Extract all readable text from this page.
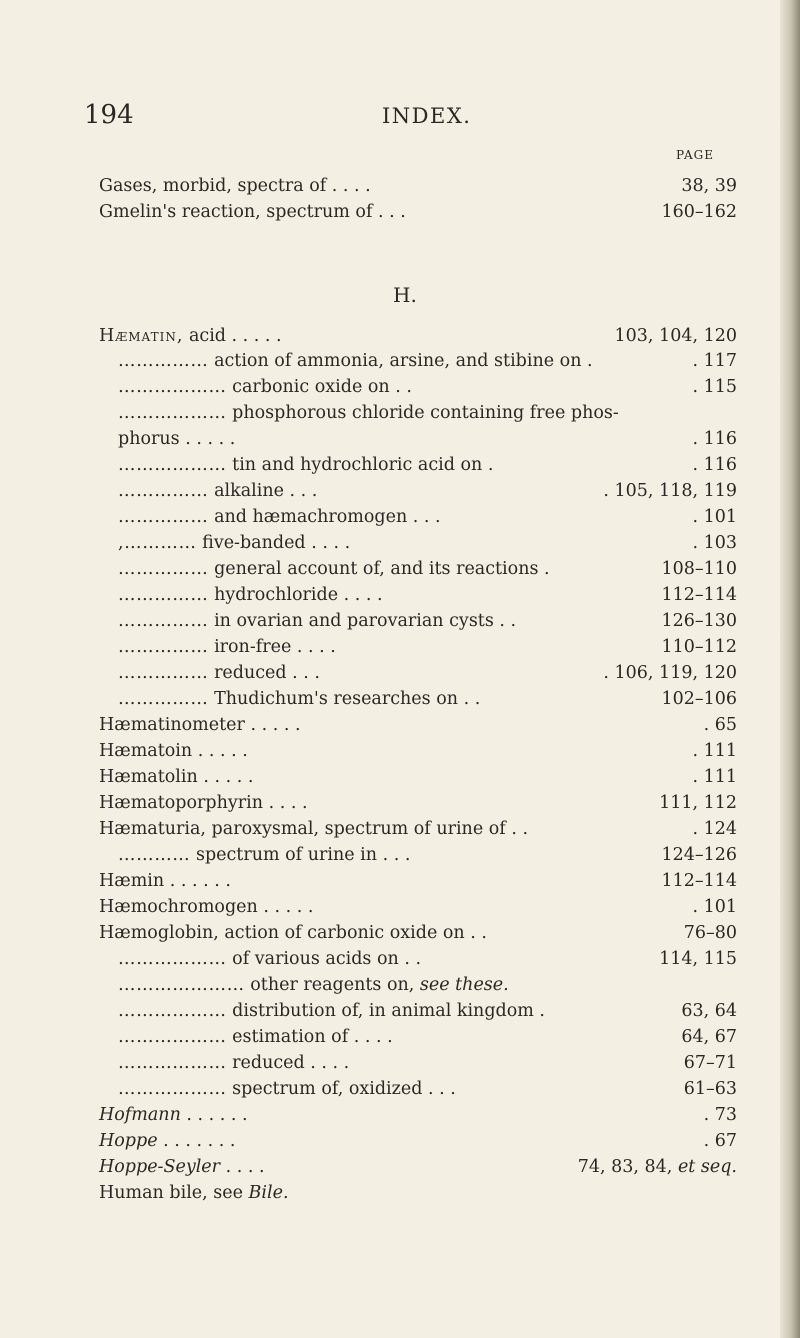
194	INDEX.
PAGE
Gases, morbid, spectra of . . . .	38, 39
Gmelin's reaction, spectrum of . . .	160–162
H.
Hæmatin, acid . . . . .	103, 104, 120
…………… action of ammonia, arsine, and stibine on .	. 117
……………… carbonic oxide on . .	. 115
……………… phosphorous chloride containing free phos-
phorus . . . . .	. 116
……………… tin and hydrochloric acid on .	. 116
…………… alkaline . . .	. 105, 118, 119
…………… and hæmachromogen . . .	. 101
,………… five-banded . . . .	. 103
…………… general account of, and its reactions .	108–110
…………… hydrochloride . . . .	112–114
…………… in ovarian and parovarian cysts . .	126–130
…………… iron-free . . . .	110–112
…………… reduced . . .	. 106, 119, 120
…………… Thudichum's researches on . .	102–106
Hæmatinometer . . . . .	. 65
Hæmatoin . . . . .	. 111
Hæmatolin . . . . .	. 111
Hæmatoporphyrin . . . .	111, 112
Hæmaturia, paroxysmal, spectrum of urine of . .	. 124
………… spectrum of urine in . . .	124–126
Hæmin . . . . . .	112–114
Hæmochromogen . . . . .	. 101
Hæmoglobin, action of carbonic oxide on . .	76–80
……………… of various acids on . .	114, 115
………………… other reagents on, see these.
……………… distribution of, in animal kingdom .	63, 64
……………… estimation of . . . .	64, 67
……………… reduced . . . .	67–71
……………… spectrum of, oxidized . . .	61–63
Hofmann . . . . . .	. 73
Hoppe . . . . . . .	. 67
Hoppe-Seyler . . . .	74, 83, 84, et seq.
Human bile, see Bile.
